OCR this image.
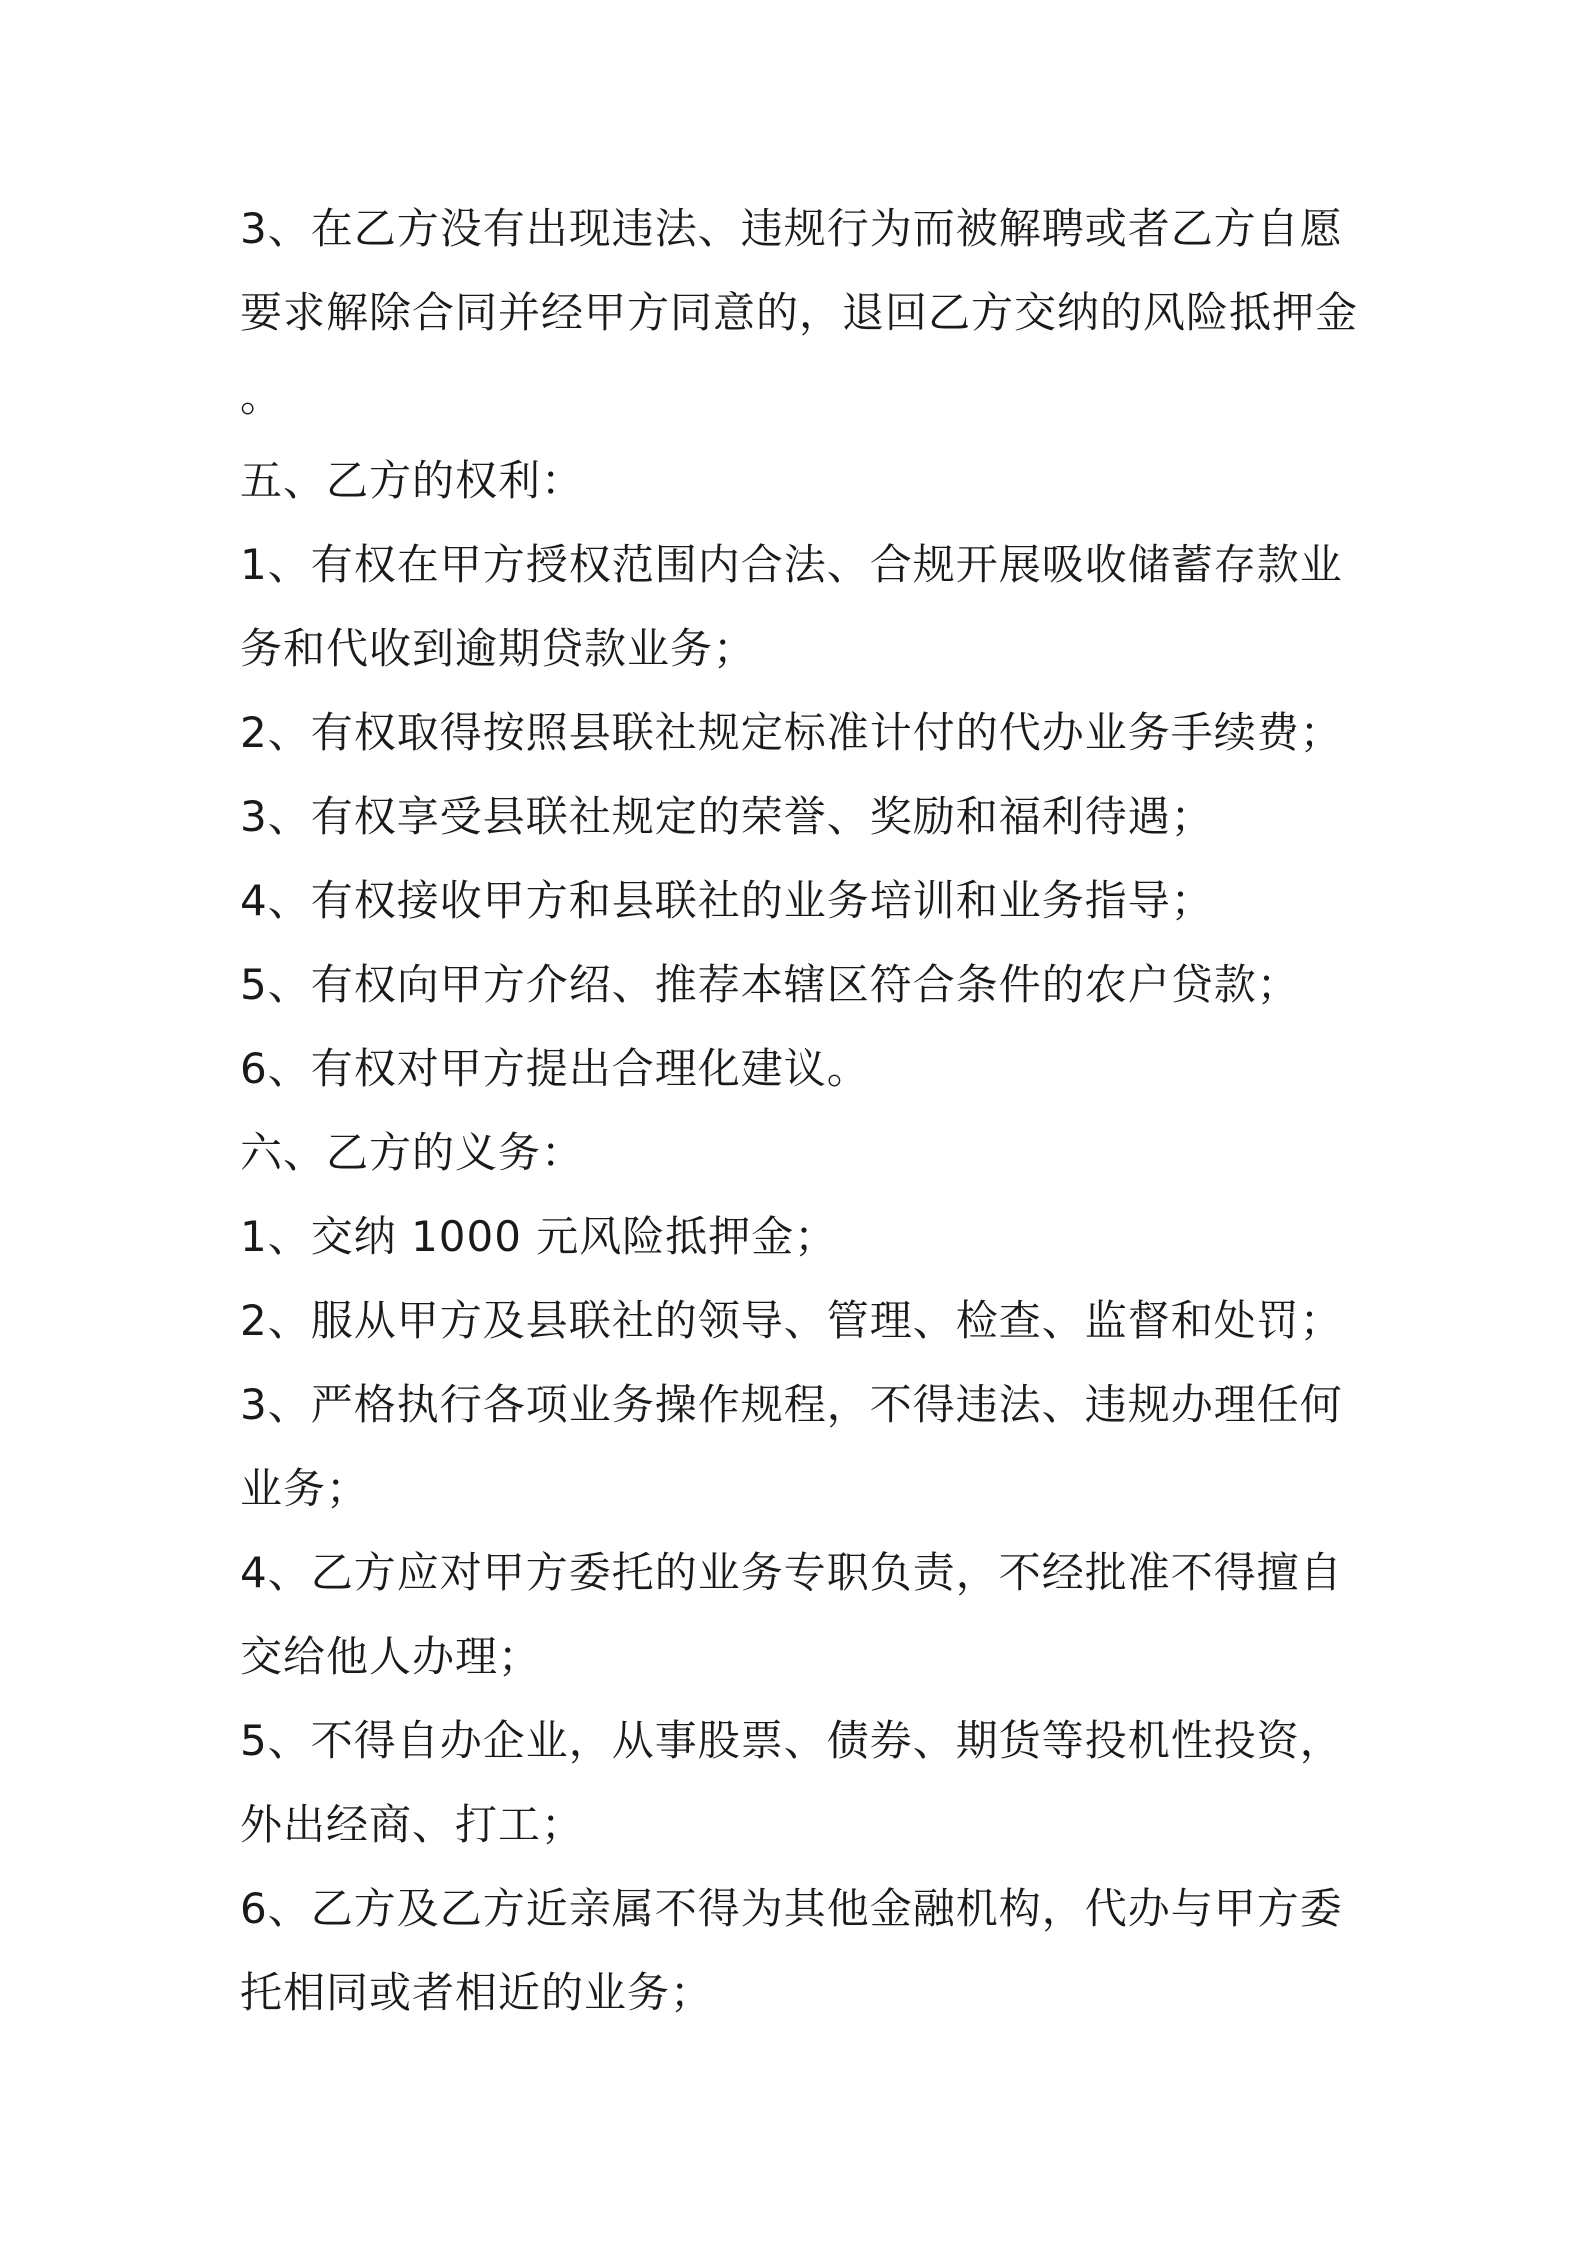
3、在乙方没有出现违法、违规行为而被解聘或者乙方自愿
要求解除合同并经甲方同意的，退回乙方交纳的风险抵押金
。
五、乙方的权利：
1、有权在甲方授权范围内合法、合规开展吸收储蓄存款业
务和代收到逾期贷款业务；
2、有权取得按照县联社规定标准计付的代办业务手续费；
3、有权享受县联社规定的荣誉、奖励和福利待遇；
4、有权接收甲方和县联社的业务培训和业务指导；
5、有权向甲方介绍、推荐本辖区符合条件的农户贷款；
6、有权对甲方提出合理化建议。
六、乙方的义务：
1、交纳 1000 元风险抵押金；
2、服从甲方及县联社的领导、管理、检查、监督和处罚；
3、严格执行各项业务操作规程，不得违法、违规办理任何
业务；
4、乙方应对甲方委托的业务专职负责，不经批准不得擅自
交给他人办理；
5、不得自办企业，从事股票、债券、期货等投机性投资，
外出经商、打工；
6、乙方及乙方近亲属不得为其他金融机构，代办与甲方委
托相同或者相近的业务；
